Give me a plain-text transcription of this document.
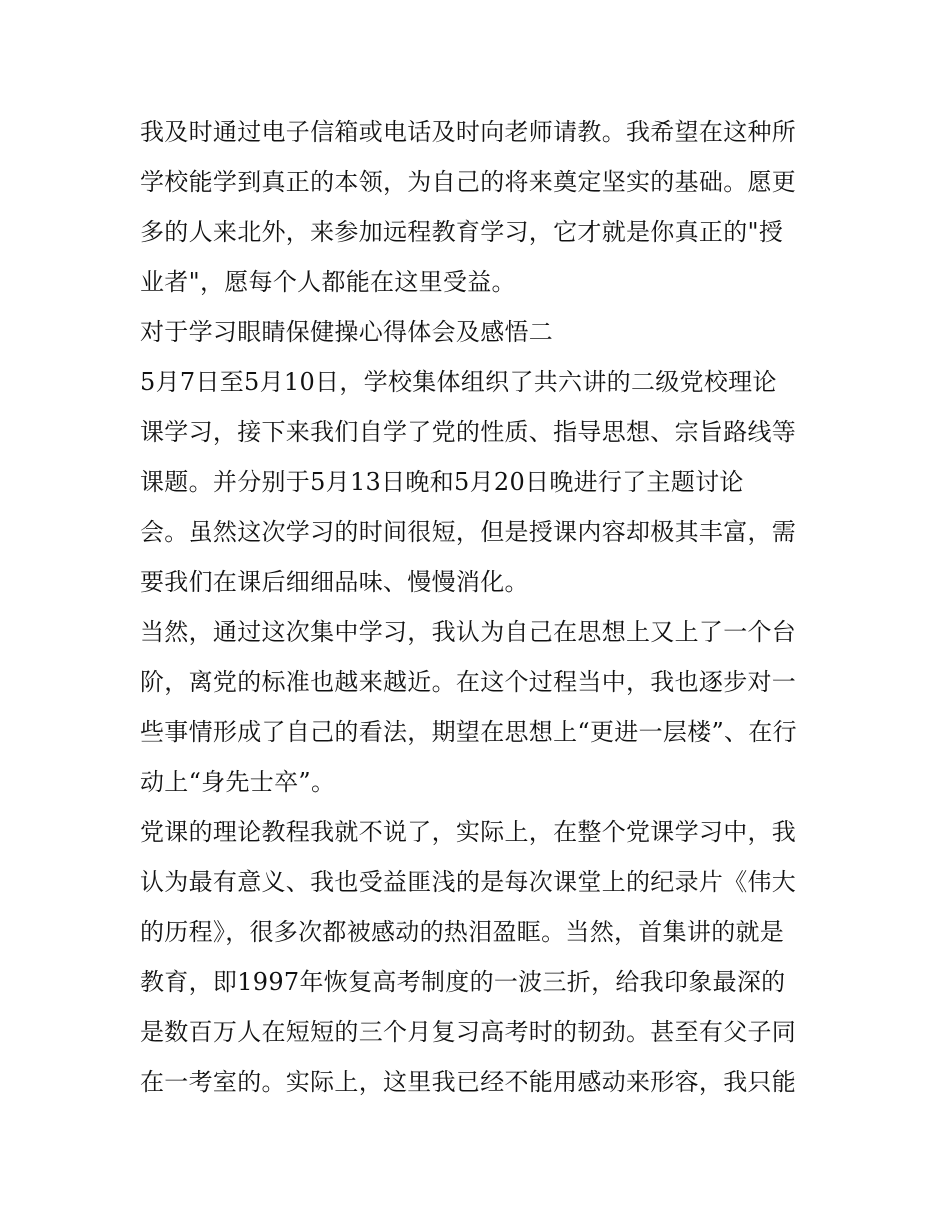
我及时通过电子信箱或电话及时向老师请教。我希望在这种所
学校能学到真正的本领，为自己的将来奠定坚实的基础。愿更
多的人来北外，来参加远程教育学习，它才就是你真正的"授
业者"，愿每个人都能在这里受益。
对于学习眼睛保健操心得体会及感悟二
5月7日至5月10日，学校集体组织了共六讲的二级党校理论
课学习，接下来我们自学了党的性质、指导思想、宗旨路线等
课题。并分别于5月13日晚和5月20日晚进行了主题讨论
会。虽然这次学习的时间很短，但是授课内容却极其丰富，需
要我们在课后细细品味、慢慢消化。
当然，通过这次集中学习，我认为自己在思想上又上了一个台
阶，离党的标准也越来越近。在这个过程当中，我也逐步对一
些事情形成了自己的看法，期望在思想上“更进一层楼”、在行
动上“身先士卒”。
党课的理论教程我就不说了，实际上，在整个党课学习中，我
认为最有意义、我也受益匪浅的是每次课堂上的纪录片《伟大
的历程》，很多次都被感动的热泪盈眶。当然，首集讲的就是
教育，即1997年恢复高考制度的一波三折，给我印象最深的
是数百万人在短短的三个月复习高考时的韧劲。甚至有父子同
在一考室的。实际上，这里我已经不能用感动来形容，我只能
